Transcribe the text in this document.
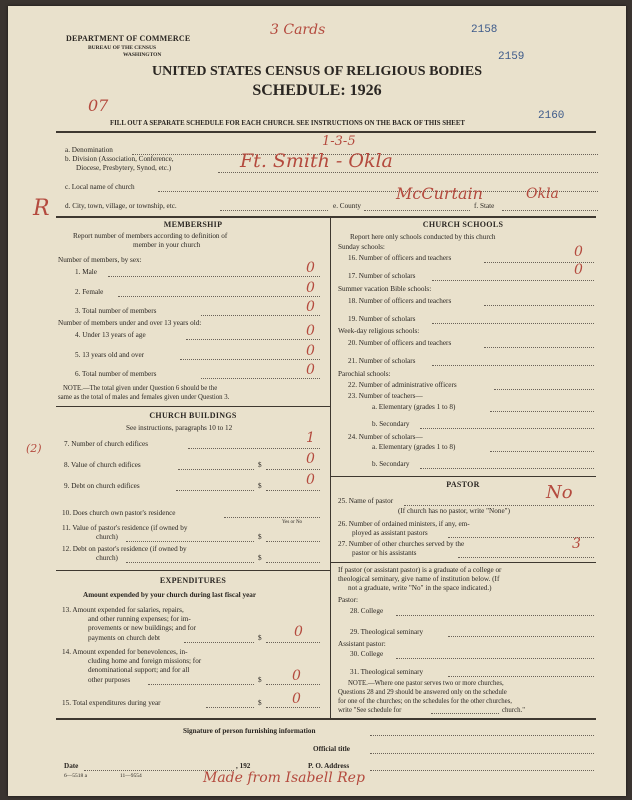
DEPARTMENT OF COMMERCE
BUREAU OF THE CENSUS
WASHINGTON
UNITED STATES CENSUS OF RELIGIOUS BODIES
SCHEDULE: 1926
FILL OUT A SEPARATE SCHEDULE FOR EACH CHURCH. SEE INSTRUCTIONS ON THE BACK OF THIS SHEET
2158
2159
2160
3 Cards
07
R
a. Denomination
b. Division (Association, Conference,
Diocese, Presbytery, Synod, etc.)
1-3-5
Ft. Smith - Okla
c. Local name of church
d. City, town, village, or township, etc.	e. County
McCurtain
f. State
Okla
MEMBERSHIP
Report number of members according to definition of
member in your church
Number of members, by sex:
1. Male	0
2. Female	0
3. Total number of members	0
Number of members under and over 13 years old:
4. Under 13 years of age	0
5. 13 years old and over	0
6. Total number of members	0
NOTE.—The total given under Question 6 should be the
same as the total of males and females given under Question 3.
CHURCH BUILDINGS
See instructions, paragraphs 10 to 12
(2)	7. Number of church edifices	1
8. Value of church edifices	$	0
9. Debt on church edifices	$	0
10. Does church own pastor's residence
Yes or No
11. Value of pastor's residence (if owned by
church)	$
12. Debt on pastor's residence (if owned by
church)	$
EXPENDITURES
Amount expended by your church during last fiscal year
13. Amount expended for salaries, repairs,
and other running expenses; for im-
provements or new buildings; and for
payments on church debt	$ 0
14. Amount expended for benevolences, in-
cluding home and foreign missions; for
denominational support; and for all
other purposes	$ 0
15. Total expenditures during year	$ 0
CHURCH SCHOOLS
Report here only schools conducted by this church
Sunday schools:
16. Number of officers and teachers	0
17. Number of scholars	0
Summer vacation Bible schools:
18. Number of officers and teachers
19. Number of scholars
Week-day religious schools:
20. Number of officers and teachers
21. Number of scholars
Parochial schools:
22. Number of administrative officers
23. Number of teachers—
a. Elementary (grades 1 to 8)
b. Secondary
24. Number of scholars—
a. Elementary (grades 1 to 8)
b. Secondary
PASTOR
25. Name of pastor	No
(If church has no pastor, write "None")
26. Number of ordained ministers, if any, em-
ployed as assistant pastors
27. Number of other churches served by the
pastor or his assistants
3
If pastor (or assistant pastor) is a graduate of a college or
theological seminary, give name of institution below. (If
not a graduate, write "No" in the space indicated.)
Pastor:
28. College
29. Theological seminary
Assistant pastor:
30. College
31. Theological seminary
NOTE.—Where one pastor serves two or more churches,
Questions 28 and 29 should be answered only on the schedule
for one of the churches; on the schedules for the other churches,
write "See schedule for	church."
Signature of person furnishing information
Official title
Date	, 192	P. O. Address
6—5518 a	11—9554	Made from Isabell Rep
